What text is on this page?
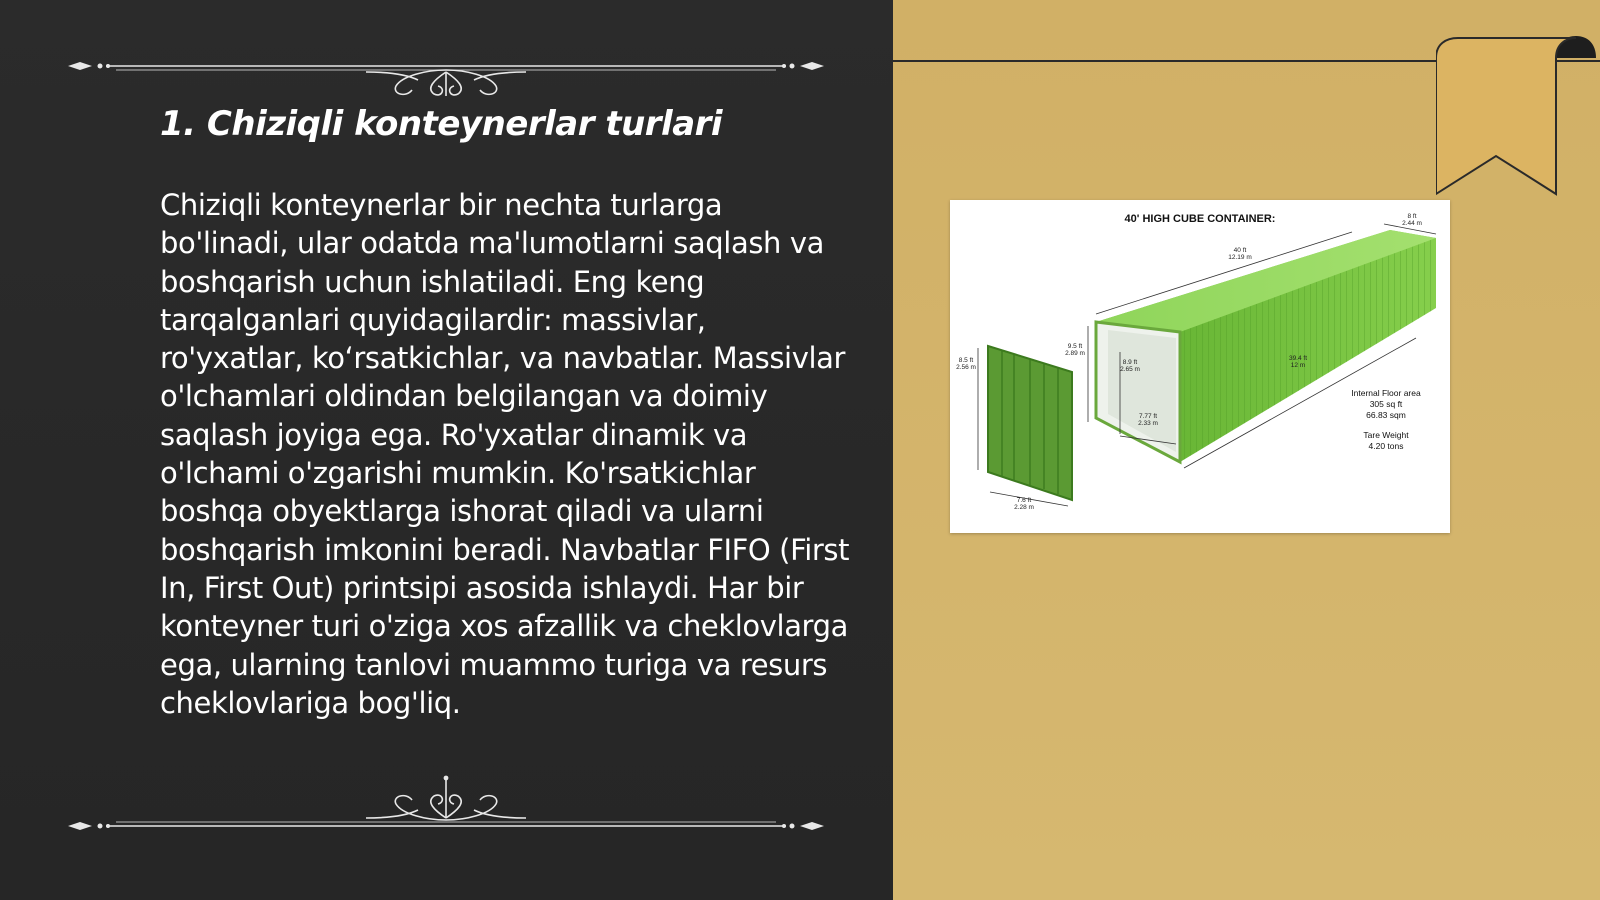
1. Chiziqli konteynerlar turlari

Chiziqli konteynerlar bir nechta turlarga bo'linadi, ular odatda ma'lumotlarni saqlash va boshqarish uchun ishlatiladi. Eng keng tarqalganlari quyidagilardir: massivlar, ro'yxatlar, ko‘rsatkichlar, va navbatlar. Massivlar o'lchamlari oldindan belgilangan va doimiy saqlash joyiga ega. Ro'yxatlar dinamik va o'lchami o'zgarishi mumkin. Ko'rsatkichlar boshqa obyektlarga ishorat qiladi va ularni boshqarish imkonini beradi. Navbatlar FIFO (First In, First Out) printsipi asosida ishlaydi. Har bir konteyner turi o'ziga xos afzallik va cheklovlarga ega, ularning tanlovi muammo turiga va resurs cheklovlariga bog'liq.

40' HIGH CUBE CONTAINER:
40 ft
12.19 m
8 ft
2.44 m
9.5 ft
2.89 m
8.9 ft
2.65 m
7.77 ft
2.33 m
39.4 ft
12 m
8.5 ft
2.56 m
7.6 ft
2.28 m
Internal Floor area
305 sq ft
66.83 sqm
Tare Weight
4.20 tons
